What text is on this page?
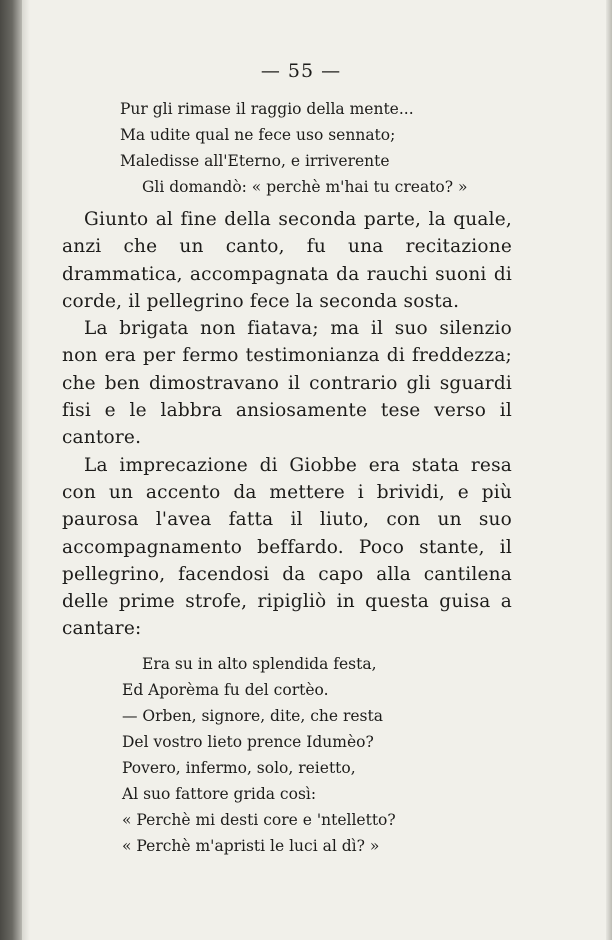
— 55 —
Pur gli rimase il raggio della mente...
Ma udite qual ne fece uso sennato;
Maledisse all'Eterno, e irriverente
Gli domandò: « perchè m'hai tu creato? »

Giunto al fine della seconda parte, la quale, anzi che un canto, fu una recitazione drammatica, accompagnata da rauchi suoni di corde, il pellegrino fece la seconda sosta.

La brigata non fiatava; ma il suo silenzio non era per fermo testimonianza di freddezza; che ben dimostravano il contrario gli sguardi fisi e le labbra ansiosamente tese verso il cantore.

La imprecazione di Giobbe era stata resa con un accento da mettere i brividi, e più paurosa l'avea fatta il liuto, con un suo accompagnamento beffardo. Poco stante, il pellegrino, facendosi da capo alla cantilena delle prime strofe, ripigliò in questa guisa a cantare:

Era su in alto splendida festa,
Ed Aporèma fu del cortèo.
— Orben, signore, dite, che resta
Del vostro lieto prence Idumèo?
Povero, infermo, solo, reietto,
Al suo fattore grida così:
« Perchè mi desti core e 'ntelletto?
« Perchè m'apristi le luci al dì? »
